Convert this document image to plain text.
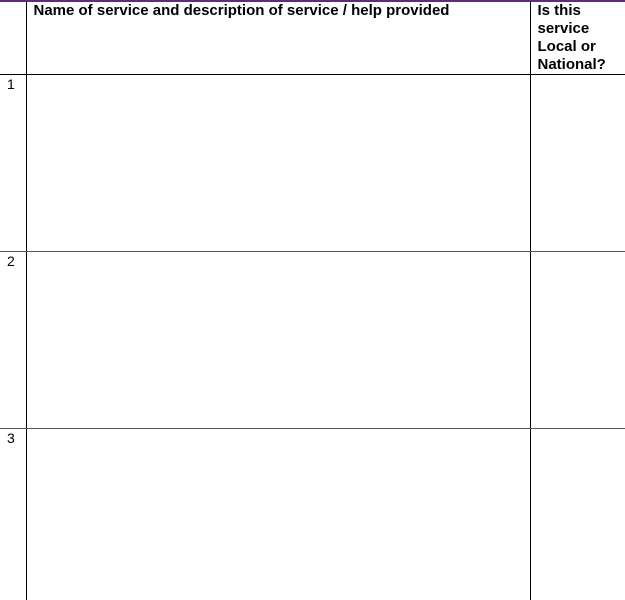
	Name of service and description of service / help provided	Is this service Local or National?
1		
2		
3		
